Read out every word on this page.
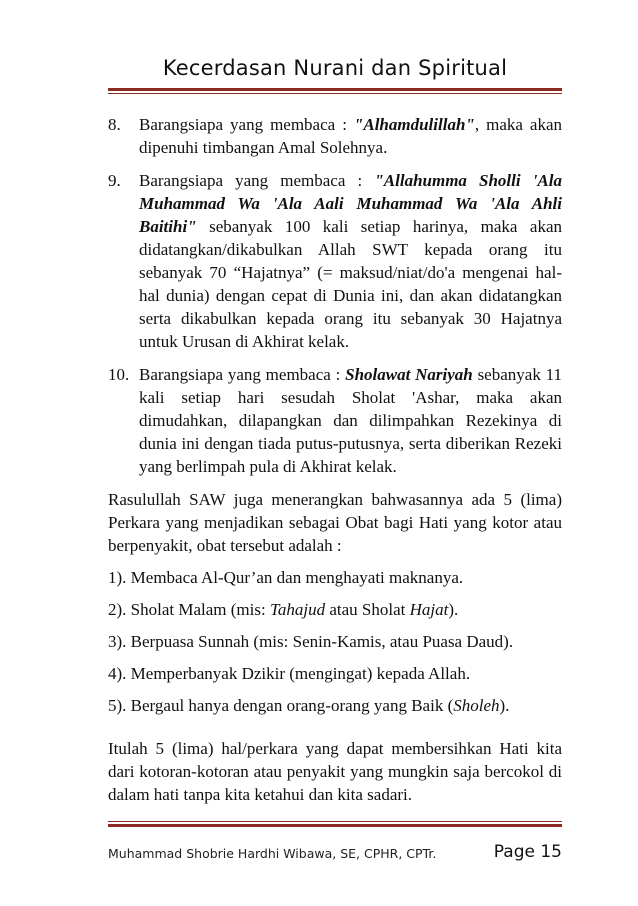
Kecerdasan Nurani dan Spiritual
8. Barangsiapa yang membaca : "Alhamdulillah", maka akan dipenuhi timbangan Amal Solehnya.
9. Barangsiapa yang membaca : "Allahumma Sholli 'Ala Muhammad Wa 'Ala Aali Muhammad Wa 'Ala Ahli Baitihi" sebanyak 100 kali setiap harinya, maka akan didatangkan/dikabulkan Allah SWT kepada orang itu sebanyak 70 “Hajatnya” (= maksud/niat/do'a mengenai hal-hal dunia) dengan cepat di Dunia ini, dan akan didatangkan serta dikabulkan kepada orang itu sebanyak 30 Hajatnya untuk Urusan di Akhirat kelak.
10. Barangsiapa yang membaca : Sholawat Nariyah sebanyak 11 kali setiap hari sesudah Sholat 'Ashar, maka akan dimudahkan, dilapangkan dan dilimpahkan Rezekinya di dunia ini dengan tiada putus-putusnya, serta diberikan Rezeki yang berlimpah pula di Akhirat kelak.

Rasulullah SAW juga menerangkan bahwasannya ada 5 (lima) Perkara yang menjadikan sebagai Obat bagi Hati yang kotor atau berpenyakit, obat tersebut adalah :

1). Membaca Al-Qur’an dan menghayati maknanya.
2). Sholat Malam (mis: Tahajud atau Sholat Hajat).
3). Berpuasa Sunnah (mis: Senin-Kamis, atau Puasa Daud).
4). Memperbanyak Dzikir (mengingat) kepada Allah.
5). Bergaul hanya dengan orang-orang yang Baik (Sholeh).

Itulah 5 (lima) hal/perkara yang dapat membersihkan Hati kita dari kotoran-kotoran atau penyakit yang mungkin saja bercokol di dalam hati tanpa kita ketahui dan kita sadari.

Muhammad Shobrie Hardhi Wibawa, SE, CPHR, CPTr.	Page 15
